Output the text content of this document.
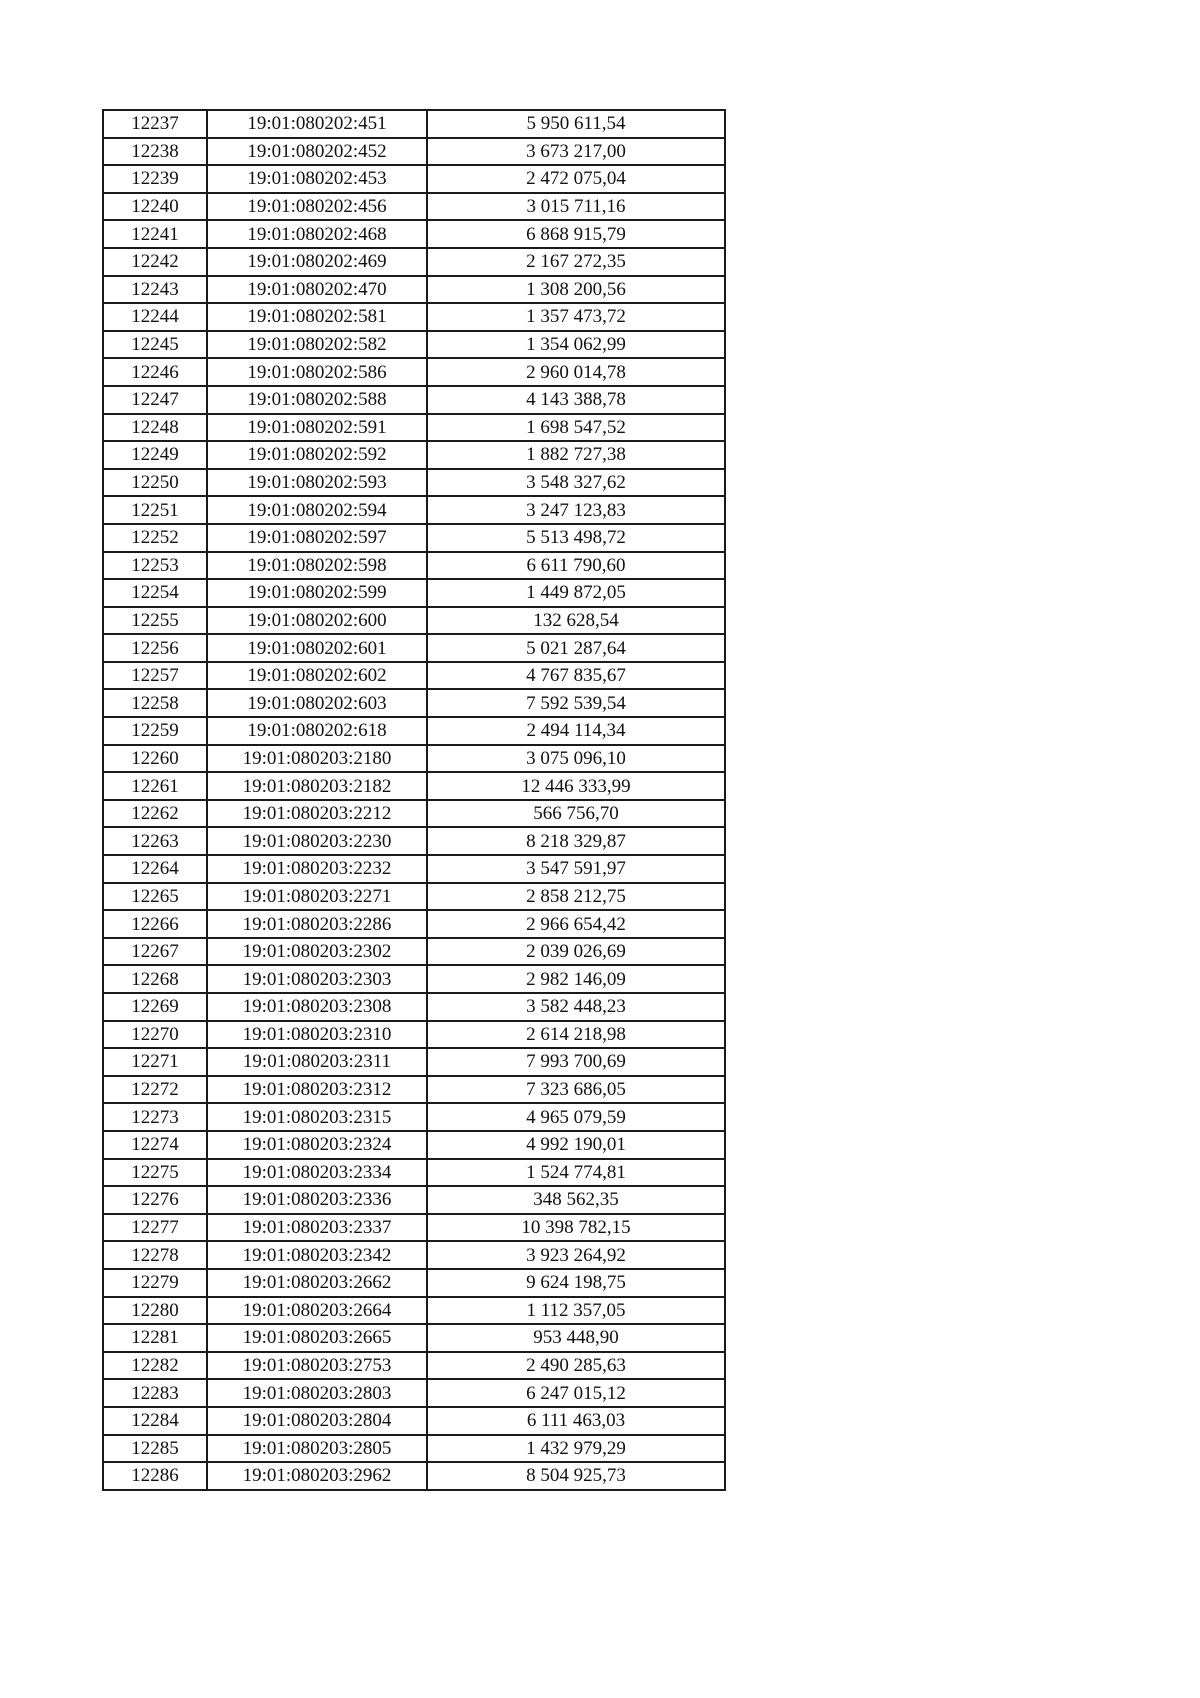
12237	19:01:080202:451	5 950 611,54
12238	19:01:080202:452	3 673 217,00
12239	19:01:080202:453	2 472 075,04
12240	19:01:080202:456	3 015 711,16
12241	19:01:080202:468	6 868 915,79
12242	19:01:080202:469	2 167 272,35
12243	19:01:080202:470	1 308 200,56
12244	19:01:080202:581	1 357 473,72
12245	19:01:080202:582	1 354 062,99
12246	19:01:080202:586	2 960 014,78
12247	19:01:080202:588	4 143 388,78
12248	19:01:080202:591	1 698 547,52
12249	19:01:080202:592	1 882 727,38
12250	19:01:080202:593	3 548 327,62
12251	19:01:080202:594	3 247 123,83
12252	19:01:080202:597	5 513 498,72
12253	19:01:080202:598	6 611 790,60
12254	19:01:080202:599	1 449 872,05
12255	19:01:080202:600	132 628,54
12256	19:01:080202:601	5 021 287,64
12257	19:01:080202:602	4 767 835,67
12258	19:01:080202:603	7 592 539,54
12259	19:01:080202:618	2 494 114,34
12260	19:01:080203:2180	3 075 096,10
12261	19:01:080203:2182	12 446 333,99
12262	19:01:080203:2212	566 756,70
12263	19:01:080203:2230	8 218 329,87
12264	19:01:080203:2232	3 547 591,97
12265	19:01:080203:2271	2 858 212,75
12266	19:01:080203:2286	2 966 654,42
12267	19:01:080203:2302	2 039 026,69
12268	19:01:080203:2303	2 982 146,09
12269	19:01:080203:2308	3 582 448,23
12270	19:01:080203:2310	2 614 218,98
12271	19:01:080203:2311	7 993 700,69
12272	19:01:080203:2312	7 323 686,05
12273	19:01:080203:2315	4 965 079,59
12274	19:01:080203:2324	4 992 190,01
12275	19:01:080203:2334	1 524 774,81
12276	19:01:080203:2336	348 562,35
12277	19:01:080203:2337	10 398 782,15
12278	19:01:080203:2342	3 923 264,92
12279	19:01:080203:2662	9 624 198,75
12280	19:01:080203:2664	1 112 357,05
12281	19:01:080203:2665	953 448,90
12282	19:01:080203:2753	2 490 285,63
12283	19:01:080203:2803	6 247 015,12
12284	19:01:080203:2804	6 111 463,03
12285	19:01:080203:2805	1 432 979,29
12286	19:01:080203:2962	8 504 925,73
